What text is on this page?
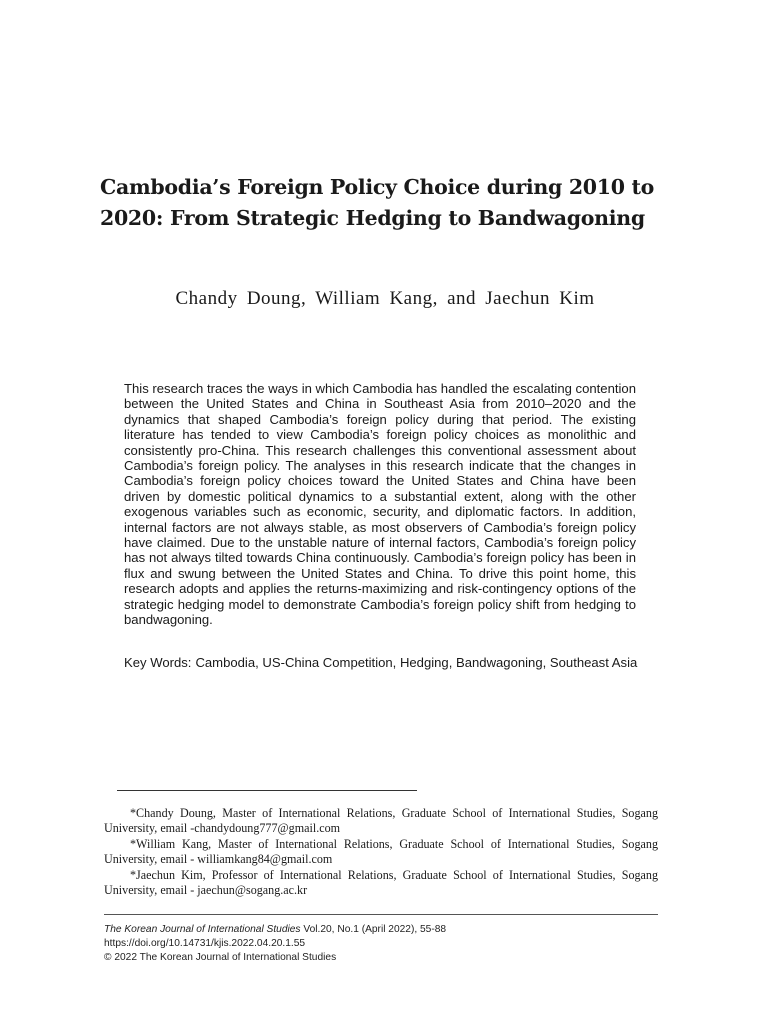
Cambodia’s Foreign Policy Choice during 2010 to 2020: From Strategic Hedging to Bandwagoning

Chandy Doung, William Kang, and Jaechun Kim

This research traces the ways in which Cambodia has handled the escalating contention between the United States and China in Southeast Asia from 2010–2020 and the dynamics that shaped Cambodia’s foreign policy during that period. The existing literature has tended to view Cambodia’s foreign policy choices as monolithic and consistently pro-China. This research challenges this conventional assessment about Cambodia’s foreign policy. The analyses in this research indicate that the changes in Cambodia’s foreign policy choices toward the United States and China have been driven by domestic political dynamics to a substantial extent, along with the other exogenous variables such as economic, security, and diplomatic factors. In addition, internal factors are not always stable, as most observers of Cambodia’s foreign policy have claimed. Due to the unstable nature of internal factors, Cambodia’s foreign policy has not always tilted towards China continuously. Cambodia’s foreign policy has been in flux and swung between the United States and China. To drive this point home, this research adopts and applies the returns-maximizing and risk-contingency options of the strategic hedging model to demonstrate Cambodia’s foreign policy shift from hedging to bandwagoning.

Key Words: Cambodia, US-China Competition, Hedging, Bandwagoning, Southeast Asia

*Chandy Doung, Master of International Relations, Graduate School of International Studies, Sogang University, email -chandydoung777@gmail.com

*William Kang, Master of International Relations, Graduate School of International Studies, Sogang University, email - williamkang84@gmail.com

*Jaechun Kim, Professor of International Relations, Graduate School of International Studies, Sogang University, email - jaechun@sogang.ac.kr

The Korean Journal of International Studies Vol.20, No.1 (April 2022), 55-88

https://doi.org/10.14731/kjis.2022.04.20.1.55

© 2022 The Korean Journal of International Studies
